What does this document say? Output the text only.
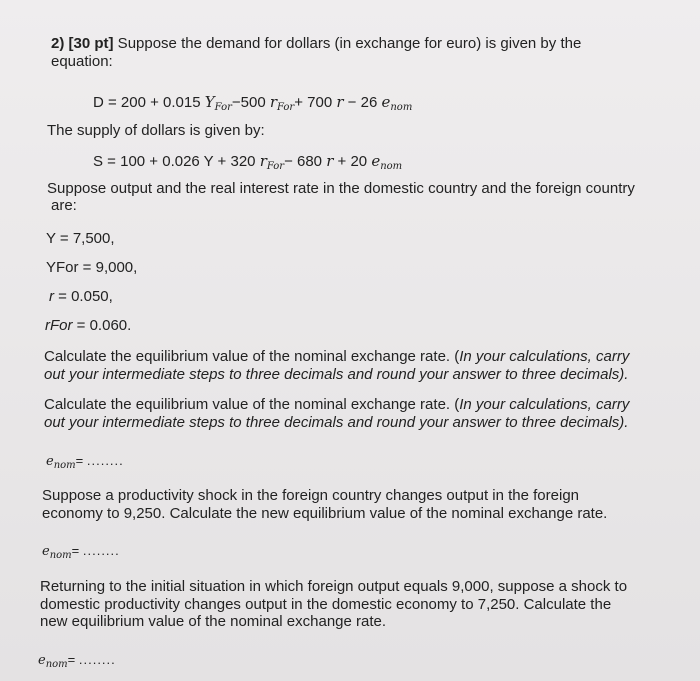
2) [30 pt] Suppose the demand for dollars (in exchange for euro) is given by the
equation:
D = 200 + 0.015 $Y_{For}-500$ $r_{For}+ 700$ r − 26 $e_{nom}$
The supply of dollars is given by:
S = 100 + 0.026 Y + 320 $r_{For}- 680$ r + 20 $e_{nom}$
Suppose output and the real interest rate in the domestic country and the foreign country
are:
Y = 7,500,
YFor = 9,000,
r = 0.050,
rFor = 0.060.
Calculate the equilibrium value of the nominal exchange rate. (In your calculations, carry
out your intermediate steps to three decimals and round your answer to three decimals).
Calculate the equilibrium value of the nominal exchange rate. (In your calculations, carry
out your intermediate steps to three decimals and round your answer to three decimals).
$e_{nom}=$ ........
Suppose a productivity shock in the foreign country changes output in the foreign
economy to 9,250. Calculate the new equilibrium value of the nominal exchange rate.
$e_{nom}=$ ........
Returning to the initial situation in which foreign output equals 9,000, suppose a shock to
domestic productivity changes output in the domestic economy to 7,250. Calculate the
new equilibrium value of the nominal exchange rate.
$e_{nom}=$ ........
